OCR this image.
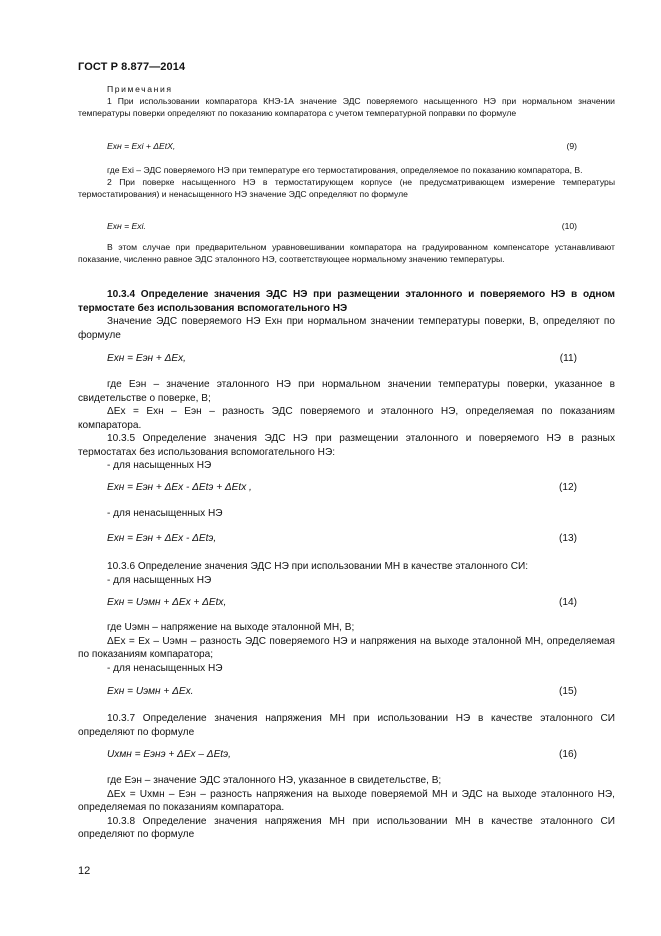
ГОСТ Р 8.877—2014

Примечания

1 При использовании компаратора КНЭ-1А значение ЭДС поверяемого насыщенного НЭ при нормальном значении температуры поверки определяют по показанию компаратора с учетом температурной поправки по формуле

Eхн = Exi + ΔEtХ,	(9)

где Exi – ЭДС поверяемого НЭ при температуре его термостатирования, определяемое по показанию компаратора, В.

2 При поверке насыщенного НЭ в термостатирующем корпусе (не предусматривающем измерение температуры термостатирования) и ненасыщенного НЭ значение ЭДС определяют по формуле

Eхн = Exi.	(10)

В этом случае при предварительном уравновешивании компаратора на градуированном компенсаторе устанавливают показание, численно равное ЭДС эталонного НЭ, соответствующее нормальному значению температуры.

10.3.4 Определение значения ЭДС НЭ при размещении эталонного и поверяемого НЭ в одном термостате без использования вспомогательного НЭ

Значение ЭДС поверяемого НЭ Eхн при нормальном значении температуры поверки, В, определяют по формуле

Eхн = Eэн + ΔEх,	(11)

где Eэн – значение эталонного НЭ при нормальном значении температуры поверки, указанное в свидетельстве о поверке, В;

ΔEх = Eхн – Eэн – разность ЭДС поверяемого и эталонного НЭ, определяемая по показаниям компаратора.

10.3.5 Определение значения ЭДС НЭ при размещении эталонного и поверяемого НЭ в разных термостатах без использования вспомогательного НЭ:

- для насыщенных НЭ

Eхн = Eэн + ΔEх - ΔEtэ + ΔEtх ,	(12)

- для ненасыщенных НЭ

Eхн = Eэн + ΔEх - ΔEtэ,	(13)

10.3.6 Определение значения ЭДС НЭ при использовании МН в качестве эталонного СИ:

- для насыщенных НЭ

Eхн = Uэмн + ΔEх + ΔEtх,	(14)

где Uэмн – напряжение на выходе эталонной МН, В;

ΔEх = Eх – Uэмн – разность ЭДС поверяемого НЭ и напряжения на выходе эталонной МН, определяемая по показаниям компаратора;

- для ненасыщенных НЭ

Eхн = Uэмн + ΔEх.	(15)

10.3.7 Определение значения напряжения МН при использовании НЭ в качестве эталонного СИ определяют по формуле

Uхмн = Eэнэ + ΔEх – ΔEtэ,	(16)

где Eэн – значение ЭДС эталонного НЭ, указанное в свидетельстве, В;

ΔEх = Uхмн – Eэн – разность напряжения на выходе поверяемой МН и ЭДС на выходе эталонного НЭ, определяемая по показаниям компаратора.

10.3.8 Определение значения напряжения МН при использовании МН в качестве эталонного СИ определяют по формуле

12
